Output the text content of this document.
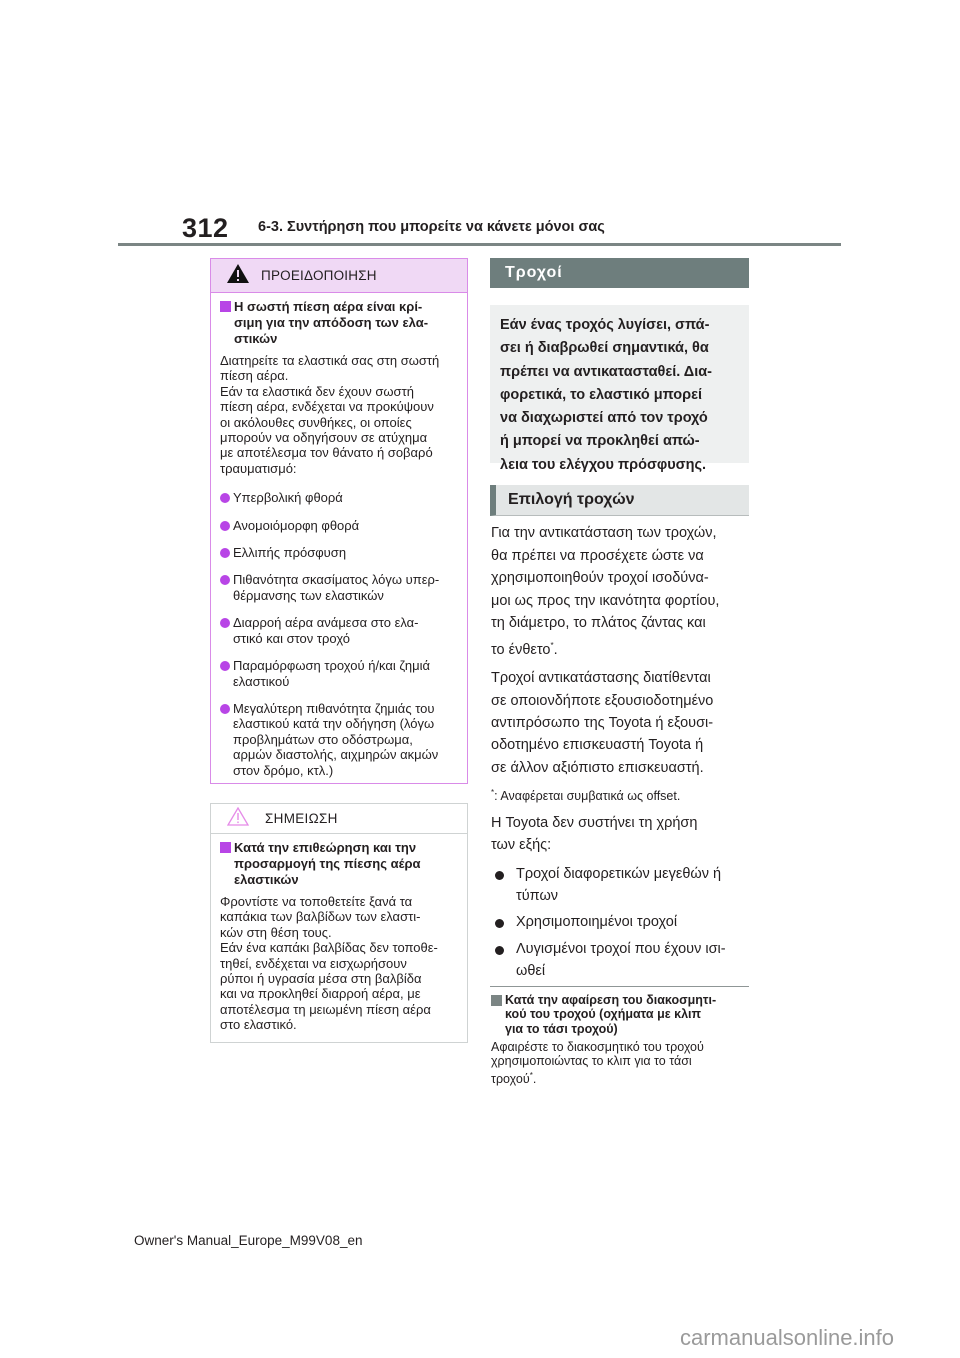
312 6-3. Συντήρηση που μπορείτε να κάνετε μόνοι σας
ΠΡΟΕΙΔΟΠΟΙΗΣΗ
Η σωστή πίεση αέρα είναι κρί-
σιμη για την απόδοση των ελα-
στικών
Διατηρείτε τα ελαστικά σας στη σωστή
πίεση αέρα.
Εάν τα ελαστικά δεν έχουν σωστή
πίεση αέρα, ενδέχεται να προκύψουν
οι ακόλουθες συνθήκες, οι οποίες
μπορούν να οδηγήσουν σε ατύχημα
με αποτέλεσμα τον θάνατο ή σοβαρό
τραυματισμό:
Υπερβολική φθορά
Ανομοιόμορφη φθορά
Ελλιπής πρόσφυση
Πιθανότητα σκασίματος λόγω υπερ-
θέρμανσης των ελαστικών
Διαρροή αέρα ανάμεσα στο ελα-
στικό και στον τροχό
Παραμόρφωση τροχού ή/και ζημιά
ελαστικού
Μεγαλύτερη πιθανότητα ζημιάς του
ελαστικού κατά την οδήγηση (λόγω
προβλημάτων στο οδόστρωμα,
αρμών διαστολής, αιχμηρών ακμών
στον δρόμο, κτλ.)
ΣΗΜΕΙΩΣΗ
Κατά την επιθεώρηση και την
προσαρμογή της πίεσης αέρα
ελαστικών
Φροντίστε να τοποθετείτε ξανά τα
καπάκια των βαλβίδων των ελαστι-
κών στη θέση τους.
Εάν ένα καπάκι βαλβίδας δεν τοποθε-
τηθεί, ενδέχεται να εισχωρήσουν
ρύποι ή υγρασία μέσα στη βαλβίδα
και να προκληθεί διαρροή αέρα, με
αποτέλεσμα τη μειωμένη πίεση αέρα
στο ελαστικό.
Τροχοί
Εάν ένας τροχός λυγίσει, σπά-
σει ή διαβρωθεί σημαντικά, θα
πρέπει να αντικατασταθεί. Δια-
φορετικά, το ελαστικό μπορεί
να διαχωριστεί από τον τροχό
ή μπορεί να προκληθεί απώ-
λεια του ελέγχου πρόσφυσης.
Επιλογή τροχών

Για την αντικατάσταση των τροχών,
θα πρέπει να προσέχετε ώστε να
χρησιμοποιηθούν τροχοί ισοδύνα-
μοι ως προς την ικανότητα φορτίου,
τη διάμετρο, το πλάτος ζάντας και
το ένθετο*.

Τροχοί αντικατάστασης διατίθενται
σε οποιονδήποτε εξουσιοδοτημένο
αντιπρόσωπο της Toyota ή εξουσι-
οδοτημένο επισκευαστή Toyota ή
σε άλλον αξιόπιστο επισκευαστή.

*: Αναφέρεται συμβατικά ως offset.

Η Toyota δεν συστήνει τη χρήση
των εξής:

Τροχοί διαφορετικών μεγεθών ή
τύπων
Χρησιμοποιημένοι τροχοί
Λυγισμένοι τροχοί που έχουν ισι-
ωθεί
Κατά την αφαίρεση του διακοσμητι-
κού του τροχού (οχήματα με κλιπ
για το τάσι τροχού)
Αφαιρέστε το διακοσμητικό του τροχού
χρησιμοποιώντας το κλιπ για το τάσι
τροχού*.
Owner's Manual_Europe_M99V08_en
carmanualsonline.info
